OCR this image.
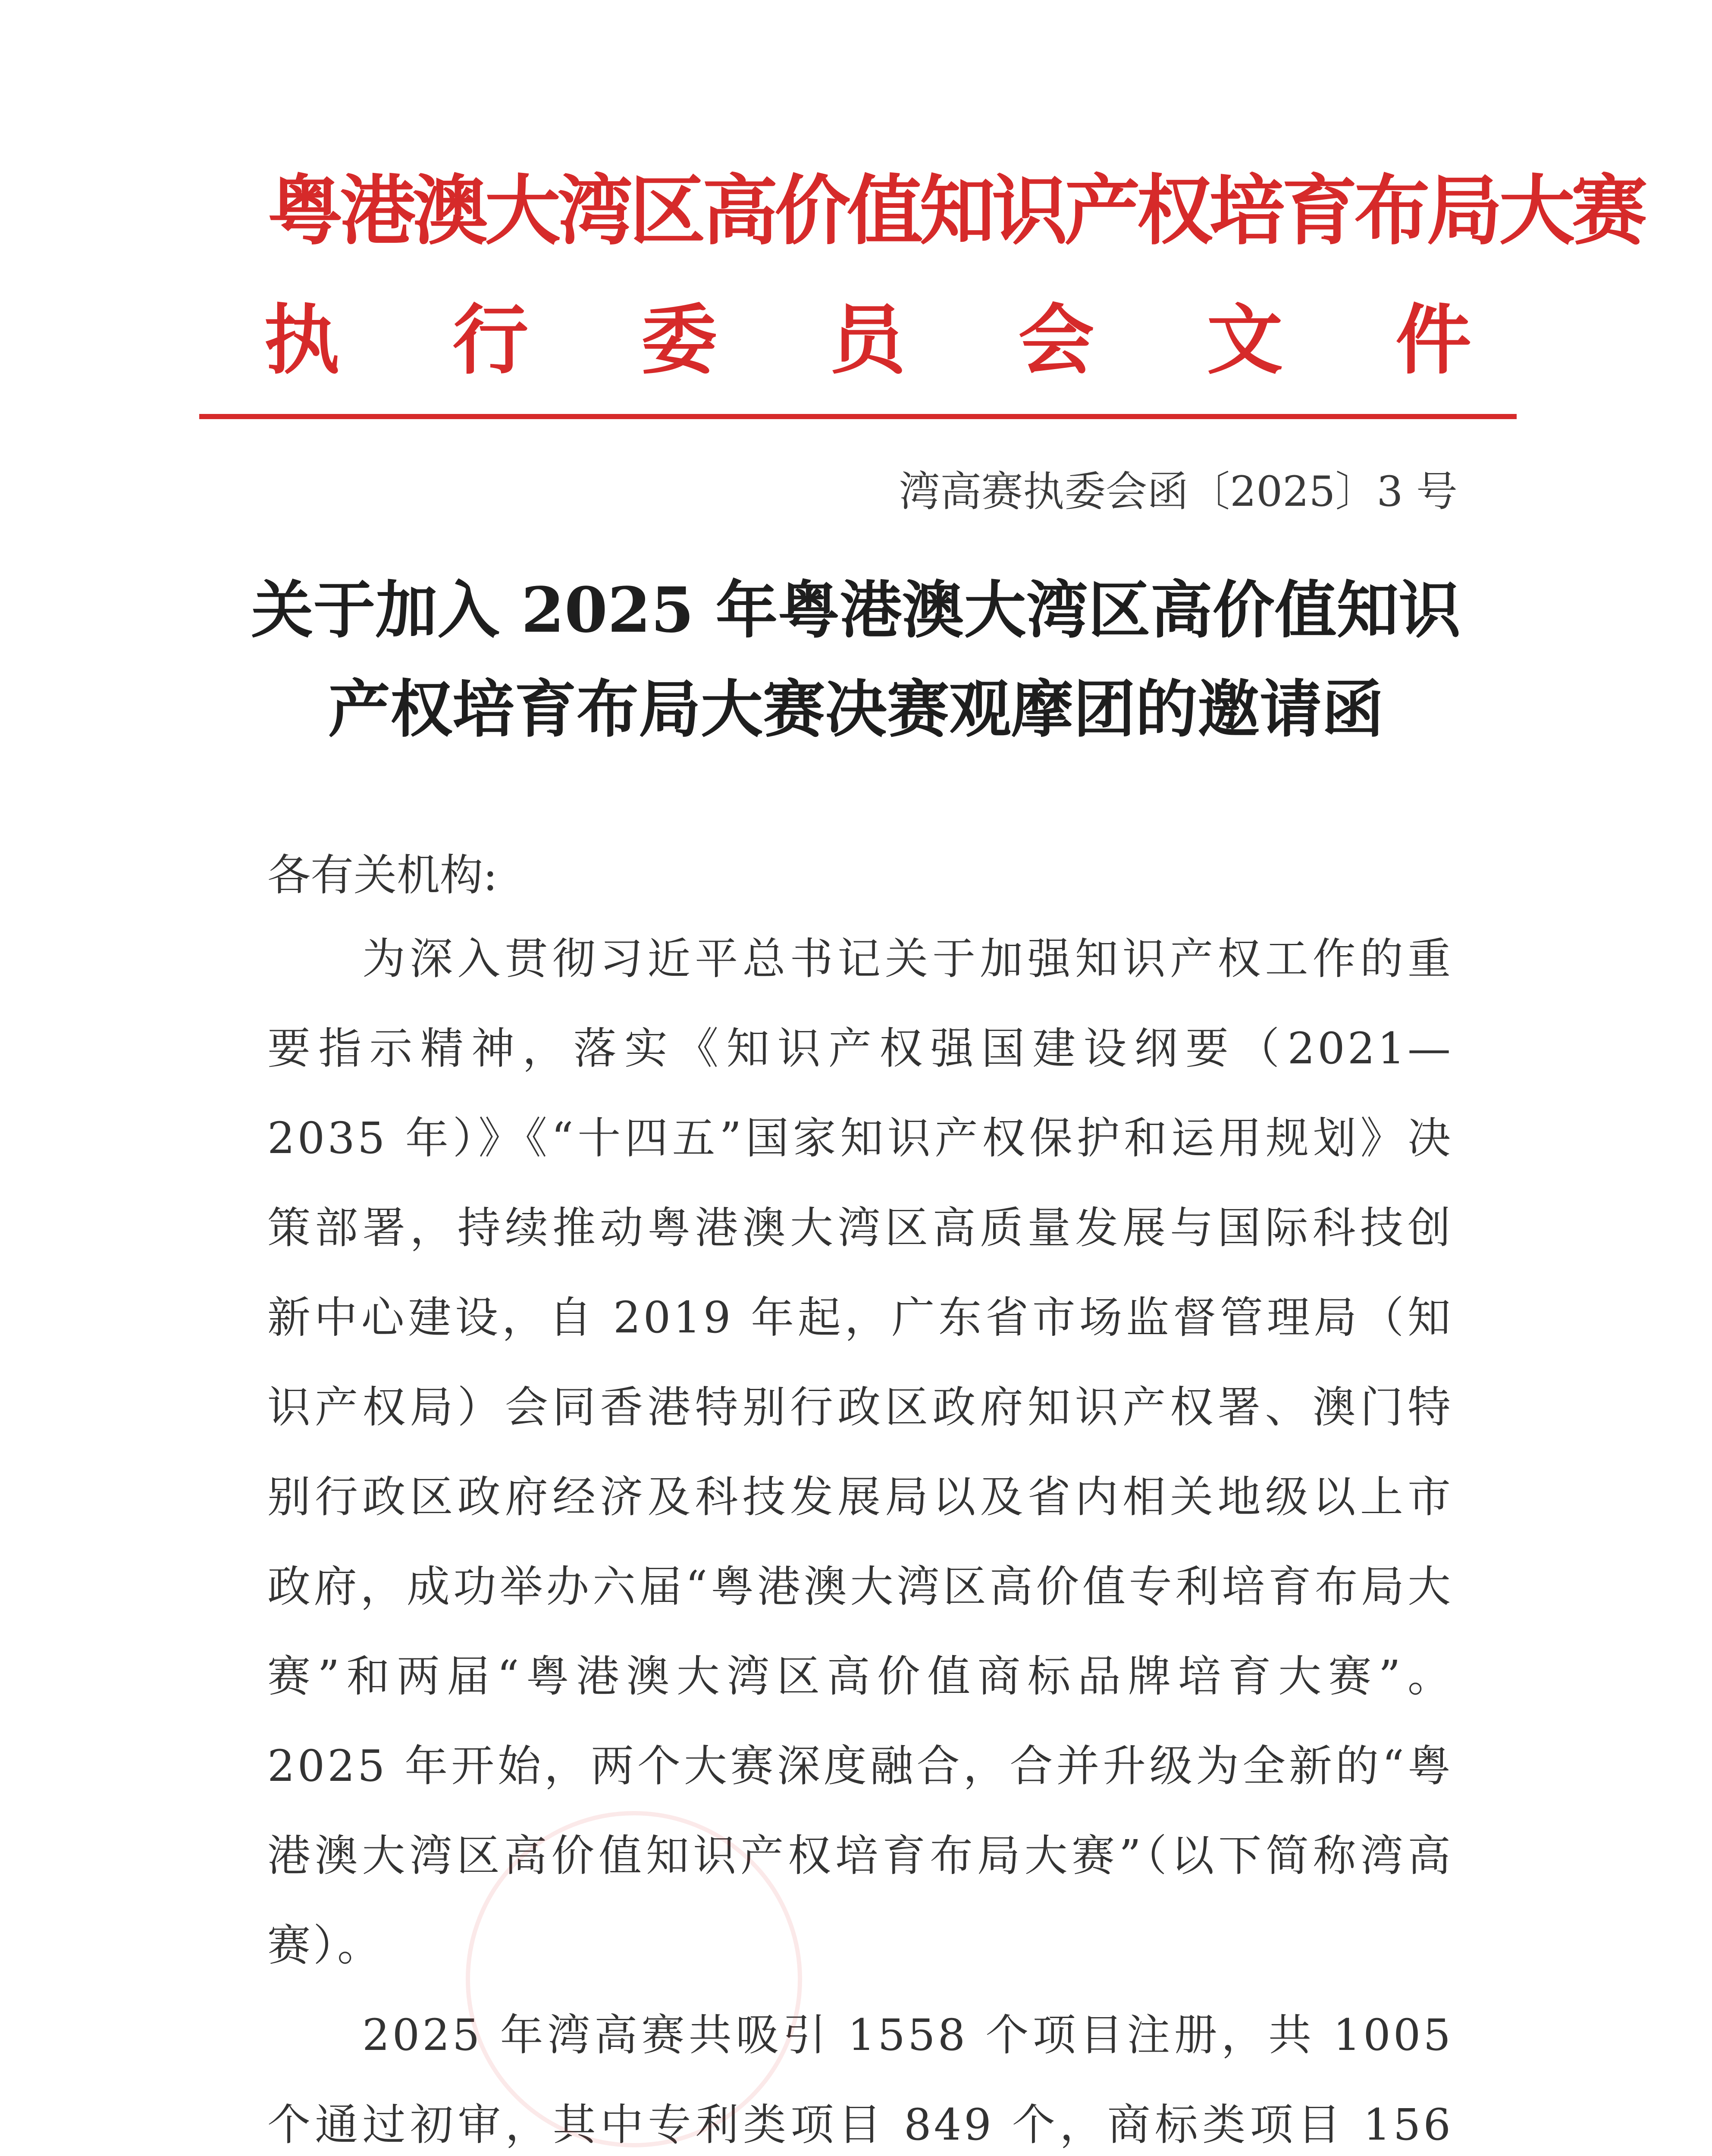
粤港澳大湾区高价值知识产权培育布局大赛
执 行 委 员 会 文 件
湾高赛执委会函〔2025〕3 号
关于加入 2025 年粤港澳大湾区高价值知识
产权培育布局大赛决赛观摩团的邀请函
各有关机构:

为深入贯彻习近平总书记关于加强知识产权工作的重要指示精神，落实《知识产权强国建设纲要（2021—2035 年）》《“十四五”国家知识产权保护和运用规划》决策部署，持续推动粤港澳大湾区高质量发展与国际科技创新中心建设，自 2019 年起，广东省市场监督管理局（知识产权局）会同香港特别行政区政府知识产权署、澳门特别行政区政府经济及科技发展局以及省内相关地级以上市政府，成功举办六届“粤港澳大湾区高价值专利培育布局大赛”和两届“粤港澳大湾区高价值商标品牌培育大赛”。2025 年开始，两个大赛深度融合，合并升级为全新的“粤港澳大湾区高价值知识产权培育布局大赛”（以下简称湾高赛）。

2025 年湾高赛共吸引 1558 个项目注册，共 1005 个通过初审，其中专利类项目 849 个，商标类项目 156
